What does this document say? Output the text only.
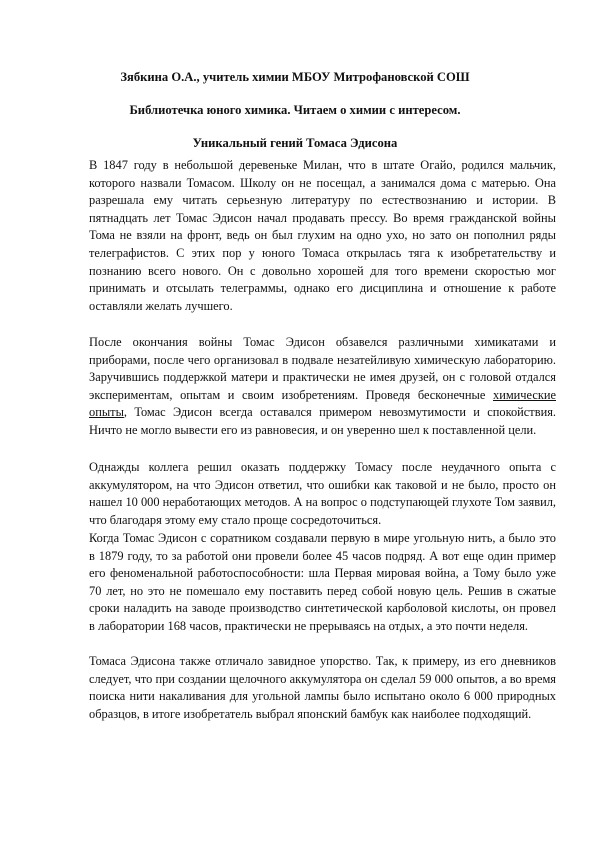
Зябкина О.А., учитель химии МБОУ Митрофановской СОШ
Библиотечка юного химика. Читаем о химии с интересом.
Уникальный гений Томаса Эдисона

В 1847 году в небольшой деревеньке Милан, что в штате Огайо, родился мальчик, которого назвали Томасом. Школу он не посещал, а занимался дома с матерью. Она разрешала ему читать серьезную литературу по естествознанию и истории. В пятнадцать лет Томас Эдисон начал продавать прессу. Во время гражданской войны Тома не взяли на фронт, ведь он был глухим на одно ухо, но зато он пополнил ряды телеграфистов. С этих пор у юного Томаса открылась тяга к изобретательству и познанию всего нового. Он с довольно хорошей для того времени скоростью мог принимать и отсылать телеграммы, однако его дисциплина и отношение к работе оставляли желать лучшего.

После окончания войны Томас Эдисон обзавелся различными химикатами и приборами, после чего организовал в подвале незатейливую химическую лабораторию. Заручившись поддержкой матери и практически не имея друзей, он с головой отдался экспериментам, опытам и своим изобретениям. Проведя бесконечные химические опыты, Томас Эдисон всегда оставался примером невозмутимости и спокойствия. Ничто не могло вывести его из равновесия, и он уверенно шел к поставленной цели.

Однажды коллега решил оказать поддержку Томасу после неудачного опыта с аккумулятором, на что Эдисон ответил, что ошибки как таковой и не было, просто он нашел 10 000 неработающих методов. А на вопрос о подступающей глухоте Том заявил, что благодаря этому ему стало проще сосредоточиться.

Когда Томас Эдисон с соратником создавали первую в мире угольную нить, а было это в 1879 году, то за работой они провели более 45 часов подряд. А вот еще один пример его феноменальной работоспособности: шла Первая мировая война, а Тому было уже 70 лет, но это не помешало ему поставить перед собой новую цель. Решив в сжатые сроки наладить на заводе производство синтетической карболовой кислоты, он провел в лаборатории 168 часов, практически не прерываясь на отдых, а это почти неделя.

Томаса Эдисона также отличало завидное упорство. Так, к примеру, из его дневников следует, что при создании щелочного аккумулятора он сделал 59 000 опытов, а во время поиска нити накаливания для угольной лампы было испытано около 6 000 природных образцов, в итоге изобретатель выбрал японский бамбук как наиболее подходящий.
